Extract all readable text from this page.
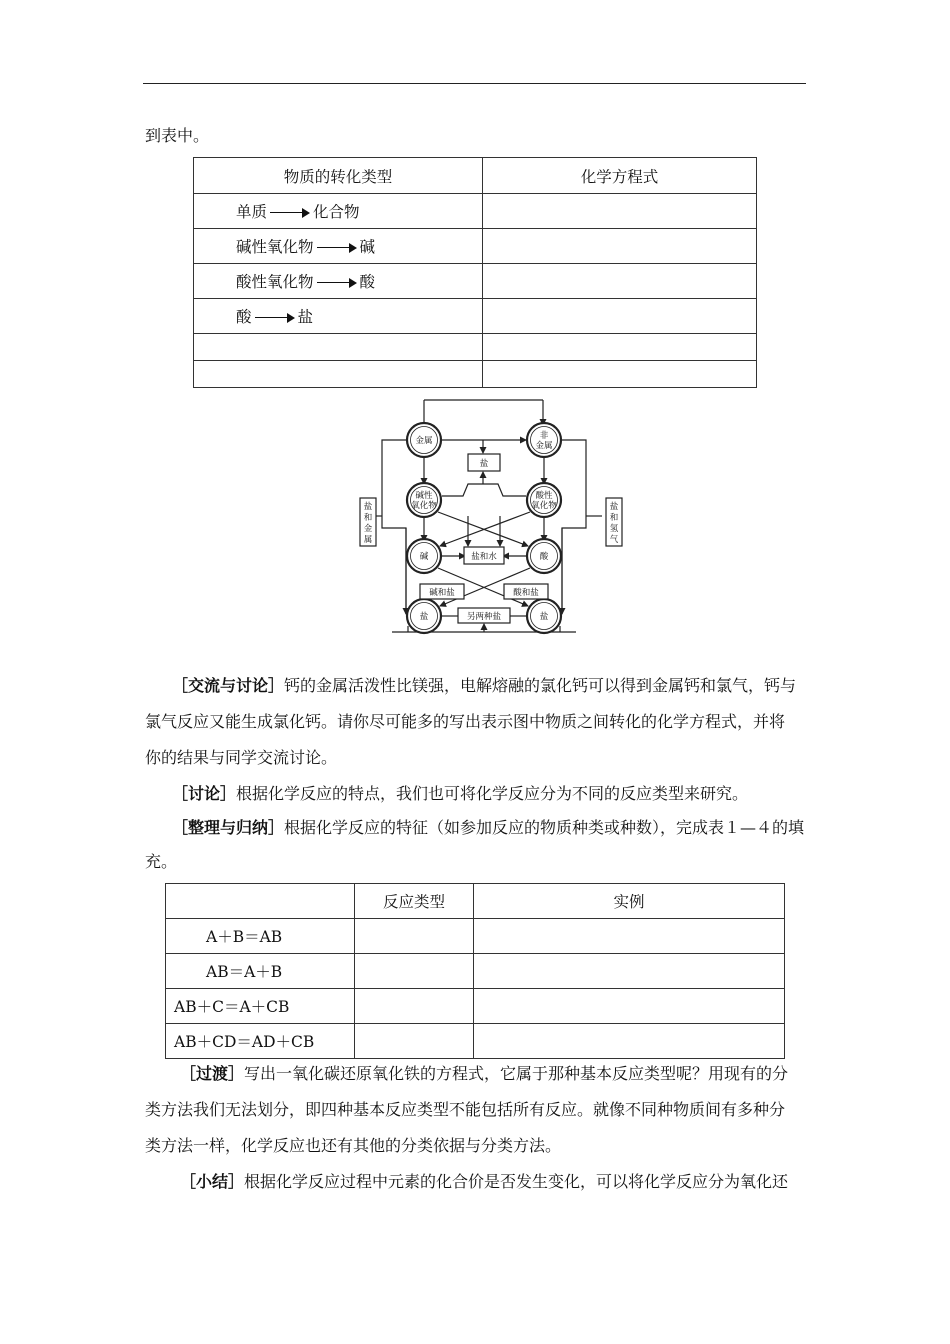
到表中。
物质的转化类型	化学方程式
单质 化合物	
碱性氧化物 碱	
酸性氧化物 酸	
酸 盐	

金属	非
金属
盐
碱性
氧化物
酸性
氧化物
碱	酸
盐和水
碱和盐	酸和盐
盐	盐
另两种盐
盐
和
金
属
盐
和
氢
气
［交流与讨论］钙的金属活泼性比镁强，电解熔融的氯化钙可以得到金属钙和氯气，钙与
氯气反应又能生成氯化钙。请你尽可能多的写出表示图中物质之间转化的化学方程式，并将
你的结果与同学交流讨论。
［讨论］根据化学反应的特点，我们也可将化学反应分为不同的反应类型来研究。
［整理与归纳］根据化学反应的特征（如参加反应的物质种类或种数），完成表１—４的填
充。
	反应类型	实例
A＋B＝AB		
AB＝A＋B		
AB＋C＝A＋CB		
AB＋CD＝AD＋CB		
［过渡］写出一氧化碳还原氧化铁的方程式，它属于那种基本反应类型呢？用现有的分
类方法我们无法划分，即四种基本反应类型不能包括所有反应。就像不同种物质间有多种分
类方法一样，化学反应也还有其他的分类依据与分类方法。
［小结］根据化学反应过程中元素的化合价是否发生变化，可以将化学反应分为氧化还
